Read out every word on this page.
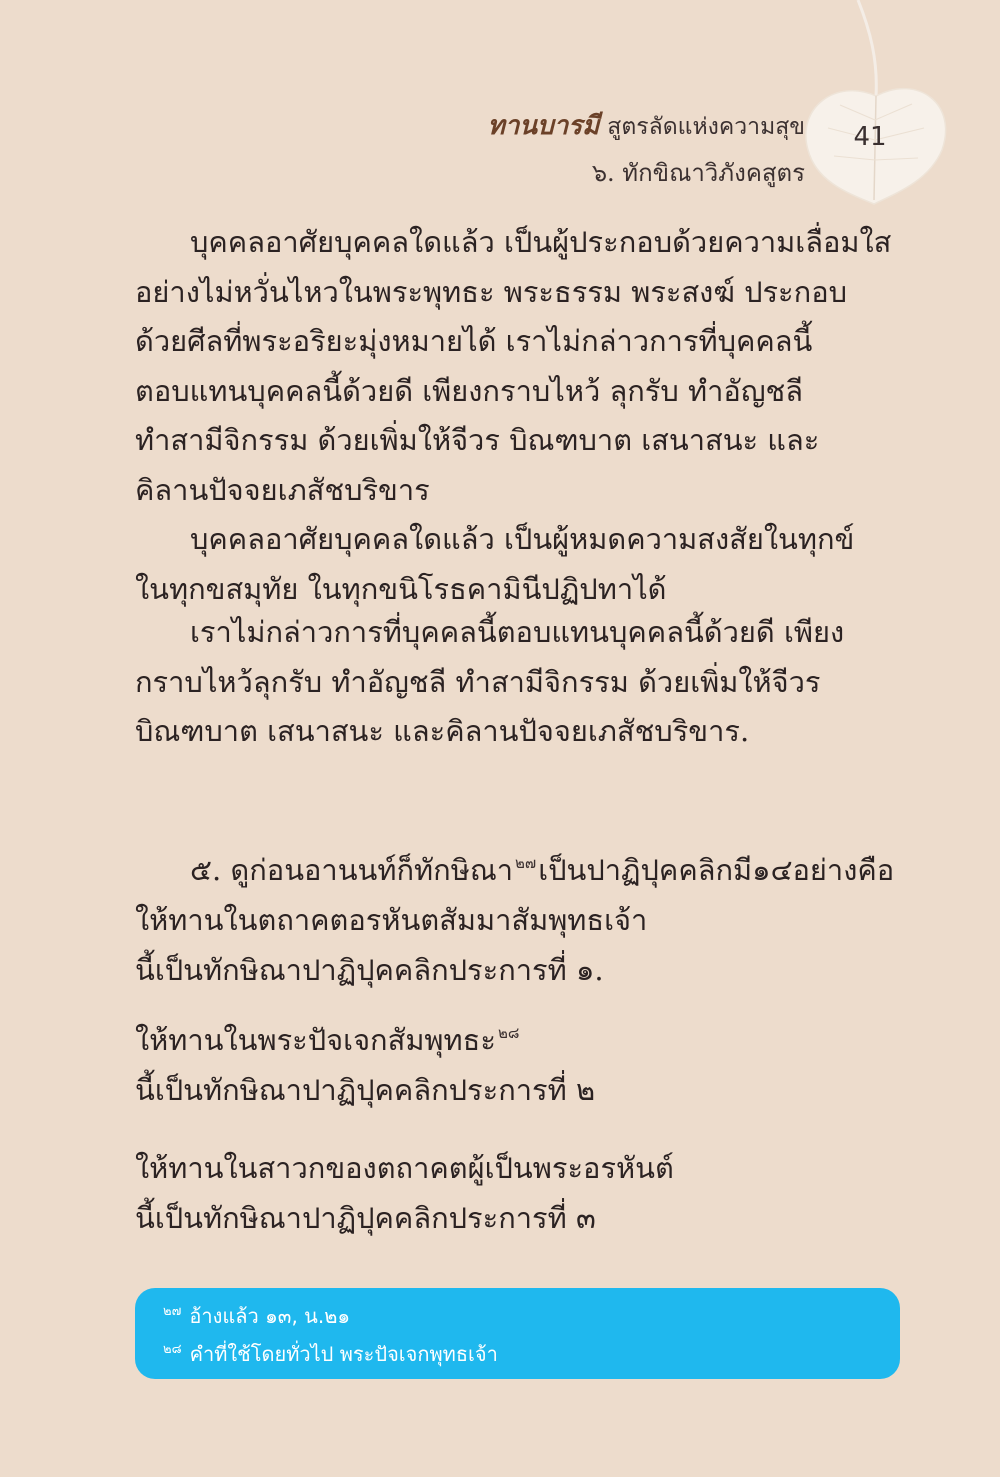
41
ทานบารมี สูตรลัดแห่งความสุข
๖. ทักขิณาวิภังคสูตร
บุคคลอาศัยบุคคลใดแล้ว เป็นผู้ประกอบด้วยความเลื่อมใส
อย่างไม่หวั่นไหวในพระพุทธะ พระธรรม พระสงฆ์ ประกอบ
ด้วยศีลที่พระอริยะมุ่งหมายได้ เราไม่กล่าวการที่บุคคลนี้
ตอบแทนบุคคลนี้ด้วยดี เพียงกราบไหว้ ลุกรับ ทำอัญชลี
ทำสามีจิกรรม ด้วยเพิ่มให้จีวร บิณฑบาต เสนาสนะ และ
คิลานปัจจยเภสัชบริขาร
บุคคลอาศัยบุคคลใดแล้ว เป็นผู้หมดความสงสัยในทุกข์
ในทุกขสมุทัย ในทุกขนิโรธคามินีปฏิปทาได้
เราไม่กล่าวการที่บุคคลนี้ตอบแทนบุคคลนี้ด้วยดี เพียง
กราบไหว้ลุกรับ ทำอัญชลี ทำสามีจิกรรม ด้วยเพิ่มให้จีวร
บิณฑบาต เสนาสนะ และคิลานปัจจยเภสัชบริขาร.
๕. ดูก่อนอานนท์ก็ทักษิณา $^{๒๗}$เป็นปาฏิปุคคลิกมี๑๔อย่างคือ
ให้ทานในตถาคตอรหันตสัมมาสัมพุทธเจ้า
นี้เป็นทักษิณาปาฏิปุคคลิกประการที่ ๑.
ให้ทานในพระปัจเจกสัมพุทธะ $^{๒๘}$
นี้เป็นทักษิณาปาฏิปุคคลิกประการที่ ๒
ให้ทานในสาวกของตถาคตผู้เป็นพระอรหันต์
นี้เป็นทักษิณาปาฏิปุคคลิกประการที่ ๓
$^{๒๗}$ อ้างแล้ว ๑๓, น.๒๑
$^{๒๘}$ คำที่ใช้โดยทั่วไป พระปัจเจกพุทธเจ้า
